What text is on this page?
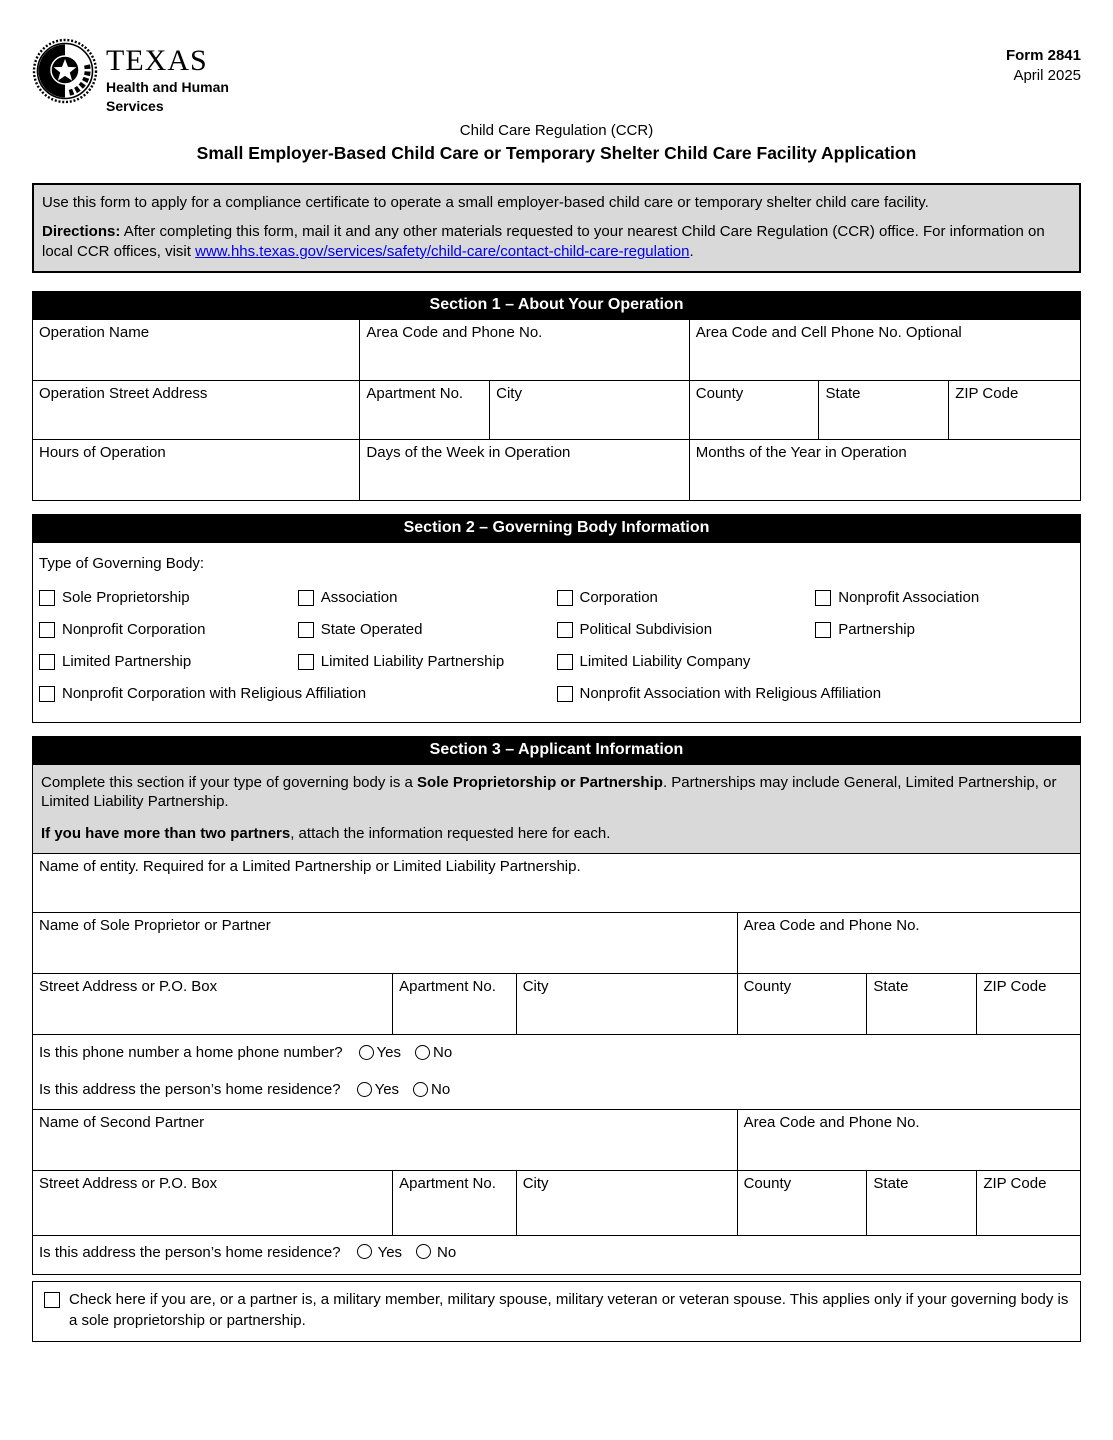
TEXAS
Health and Human
Services
Form 2841
April 2025
Child Care Regulation (CCR)
Small Employer-Based Child Care or Temporary Shelter Child Care Facility Application

Use this form to apply for a compliance certificate to operate a small employer-based child care or temporary shelter child care facility.

Directions: After completing this form, mail it and any other materials requested to your nearest Child Care Regulation (CCR) office. For information on local CCR offices, visit www.hhs.texas.gov/services/safety/child-care/contact-child-care-regulation.

Section 1 – About Your Operation
Operation Name	Area Code and Phone No.	Area Code and Cell Phone No. Optional
Operation Street Address	Apartment No.	City	County	State	ZIP Code
Hours of Operation	Days of the Week in Operation	Months of the Year in Operation
Section 2 – Governing Body Information
Type of Governing Body:
Sole Proprietorship	Association	Corporation	Nonprofit Association
Nonprofit Corporation	State Operated	Political Subdivision	Partnership
Limited Partnership	Limited Liability Partnership	Limited Liability Company
Nonprofit Corporation with Religious Affiliation	Nonprofit Association with Religious Affiliation
Section 3 – Applicant Information

Complete this section if your type of governing body is a Sole Proprietorship or Partnership. Partnerships may include General, Limited Partnership, or Limited Liability Partnership.

If you have more than two partners, attach the information requested here for each.

Name of entity. Required for a Limited Partnership or Limited Liability Partnership.
Name of Sole Proprietor or Partner	Area Code and Phone No.
Street Address or P.O. Box	Apartment No.	City	County	State	ZIP Code
Is this phone number a home phone number? Yes No
Is this address the person’s home residence? Yes No
Name of Second Partner	Area Code and Phone No.
Street Address or P.O. Box	Apartment No.	City	County	State	ZIP Code
Is this address the person’s home residence? Yes No
Check here if you are, or a partner is, a military member, military spouse, military veteran or veteran spouse. This applies only if your governing body is a sole proprietorship or partnership.
